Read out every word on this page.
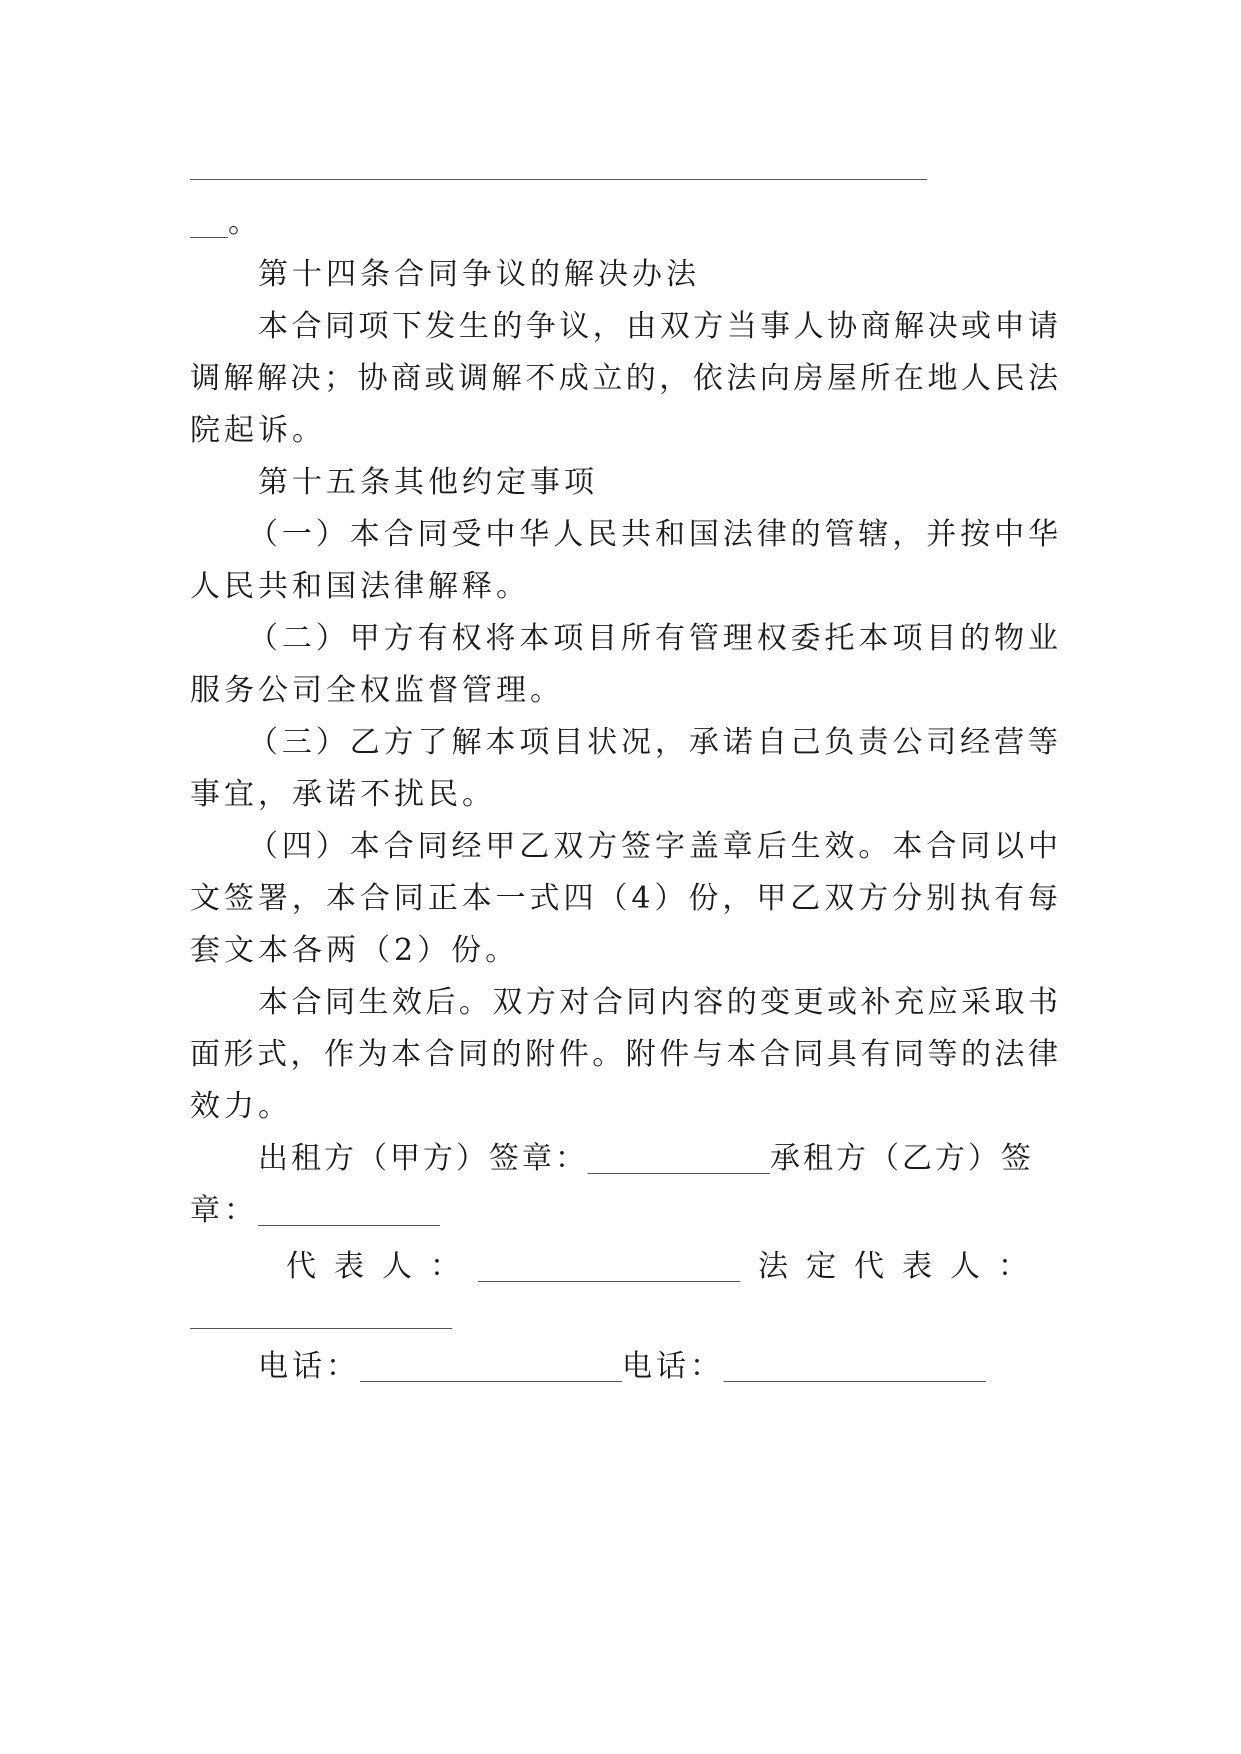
。
第十四条合同争议的解决办法
本合同项下发生的争议，由双方当事人协商解决或申请
调解解决；协商或调解不成立的，依法向房屋所在地人民法
院起诉。
第十五条其他约定事项
（一）本合同受中华人民共和国法律的管辖，并按中华
人民共和国法律解释。
（二）甲方有权将本项目所有管理权委托本项目的物业
服务公司全权监督管理。
（三）乙方了解本项目状况，承诺自己负责公司经营等
事宜，承诺不扰民。
（四）本合同经甲乙双方签字盖章后生效。本合同以中
文签署，本合同正本一式四（4）份，甲乙双方分别执有每
套文本各两（2）份。
本合同生效后。双方对合同内容的变更或补充应采取书
面形式，作为本合同的附件。附件与本合同具有同等的法律
效力。
出租方（甲方）签章：	承租方（乙方）签
章：
代表人：	法定代表人：
电话：	电话：
